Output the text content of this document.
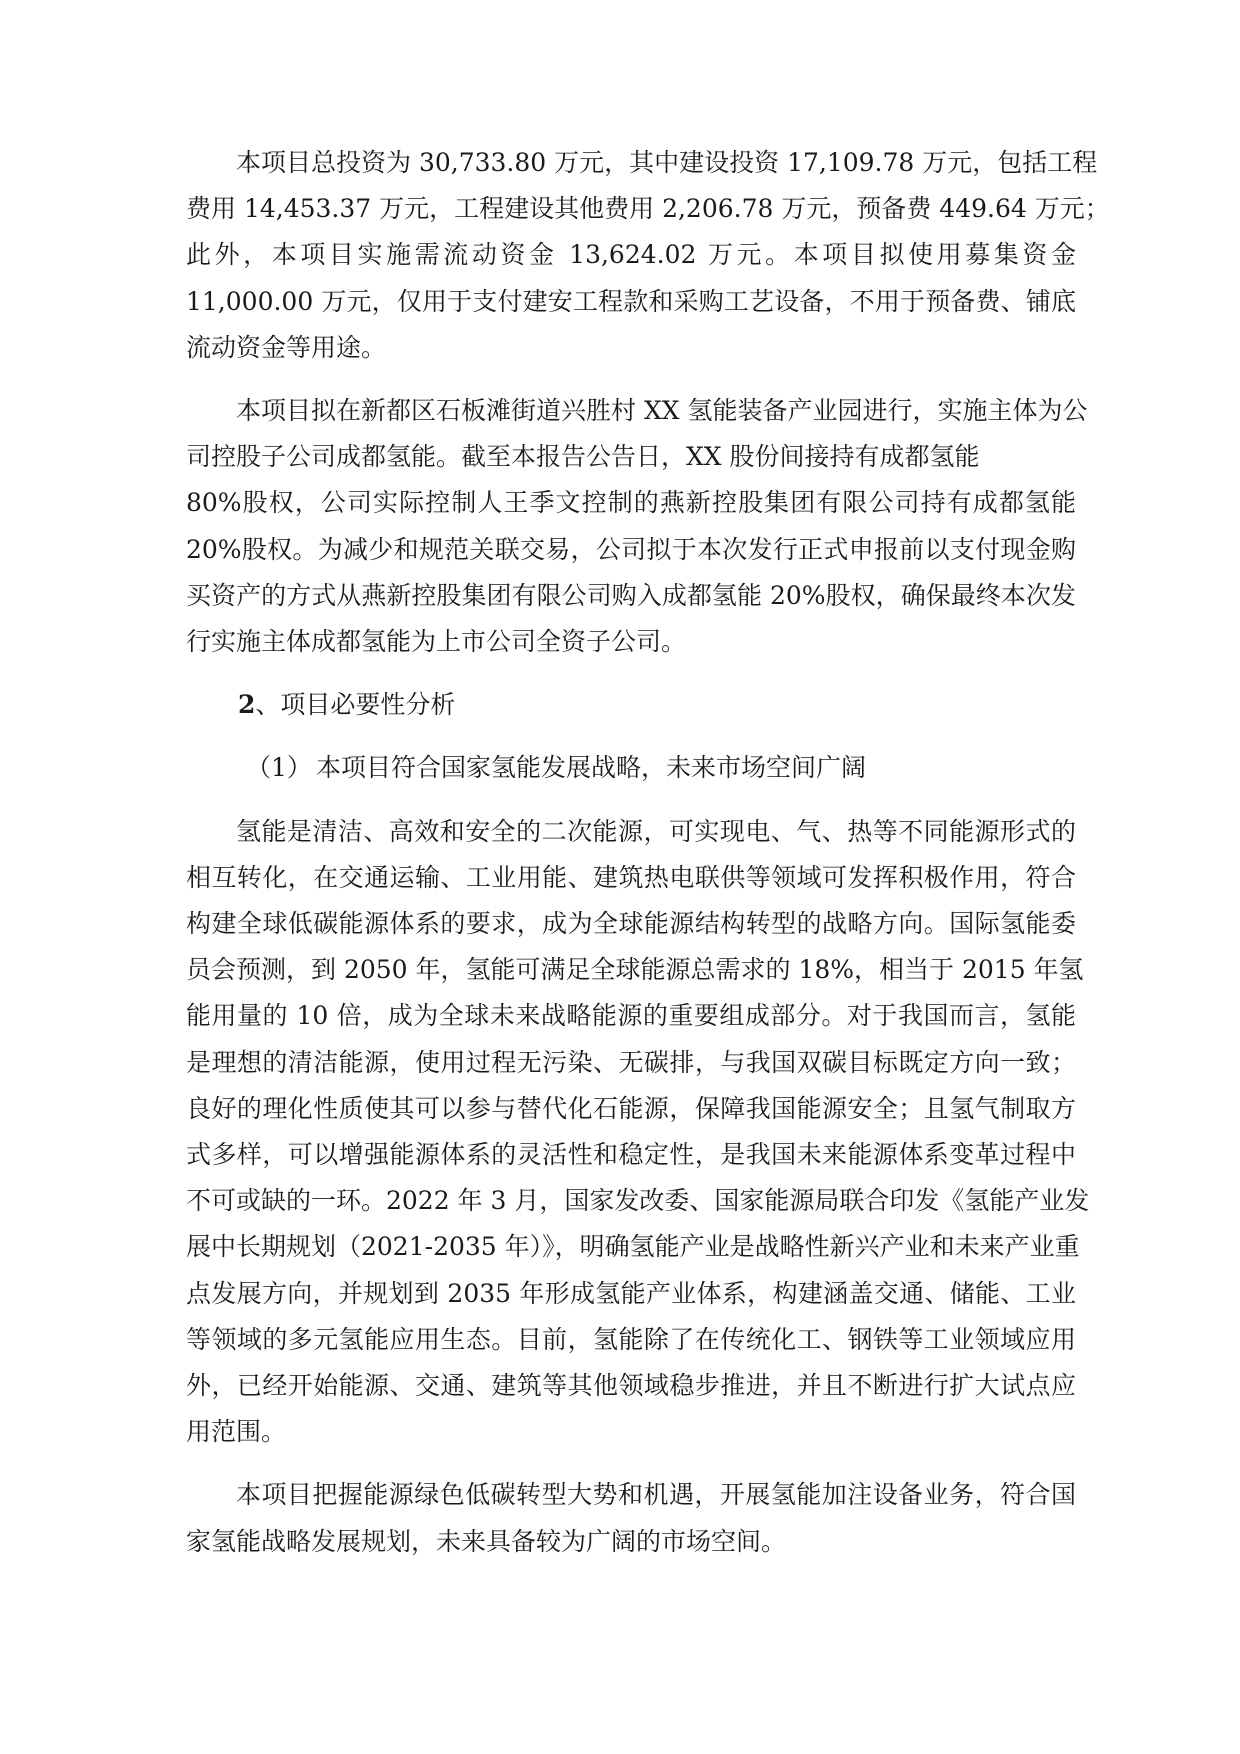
本项目总投资为 30,733.80 万元，其中建设投资 17,109.78 万元，包括工程
费用 14,453.37 万元，工程建设其他费用 2,206.78 万元，预备费 449.64 万元；
此外，本项目实施需流动资金 13,624.02 万元。本项目拟使用募集资金
11,000.00 万元，仅用于支付建安工程款和采购工艺设备，不用于预备费、铺底
流动资金等用途。

本项目拟在新都区石板滩街道兴胜村 XX 氢能装备产业园进行，实施主体为公
司控股子公司成都氢能。截至本报告公告日，XX 股份间接持有成都氢能
80%股权，公司实际控制人王季文控制的燕新控股集团有限公司持有成都氢能
20%股权。为减少和规范关联交易，公司拟于本次发行正式申报前以支付现金购
买资产的方式从燕新控股集团有限公司购入成都氢能 20%股权，确保最终本次发
行实施主体成都氢能为上市公司全资子公司。

2、项目必要性分析
（1） 本项目符合国家氢能发展战略，未来市场空间广阔

氢能是清洁、高效和安全的二次能源，可实现电、气、热等不同能源形式的
相互转化，在交通运输、工业用能、建筑热电联供等领域可发挥积极作用，符合
构建全球低碳能源体系的要求，成为全球能源结构转型的战略方向。国际氢能委
员会预测，到 2050 年，氢能可满足全球能源总需求的 18%，相当于 2015 年氢
能用量的 10 倍，成为全球未来战略能源的重要组成部分。对于我国而言，氢能
是理想的清洁能源，使用过程无污染、无碳排，与我国双碳目标既定方向一致；
良好的理化性质使其可以参与替代化石能源，保障我国能源安全；且氢气制取方
式多样，可以增强能源体系的灵活性和稳定性，是我国未来能源体系变革过程中
不可或缺的一环。2022 年 3 月，国家发改委、国家能源局联合印发《氢能产业发
展中长期规划（2021-2035 年）》，明确氢能产业是战略性新兴产业和未来产业重
点发展方向，并规划到 2035 年形成氢能产业体系，构建涵盖交通、储能、工业
等领域的多元氢能应用生态。目前，氢能除了在传统化工、钢铁等工业领域应用
外，已经开始能源、交通、建筑等其他领域稳步推进，并且不断进行扩大试点应
用范围。

本项目把握能源绿色低碳转型大势和机遇，开展氢能加注设备业务，符合国
家氢能战略发展规划，未来具备较为广阔的市场空间。
